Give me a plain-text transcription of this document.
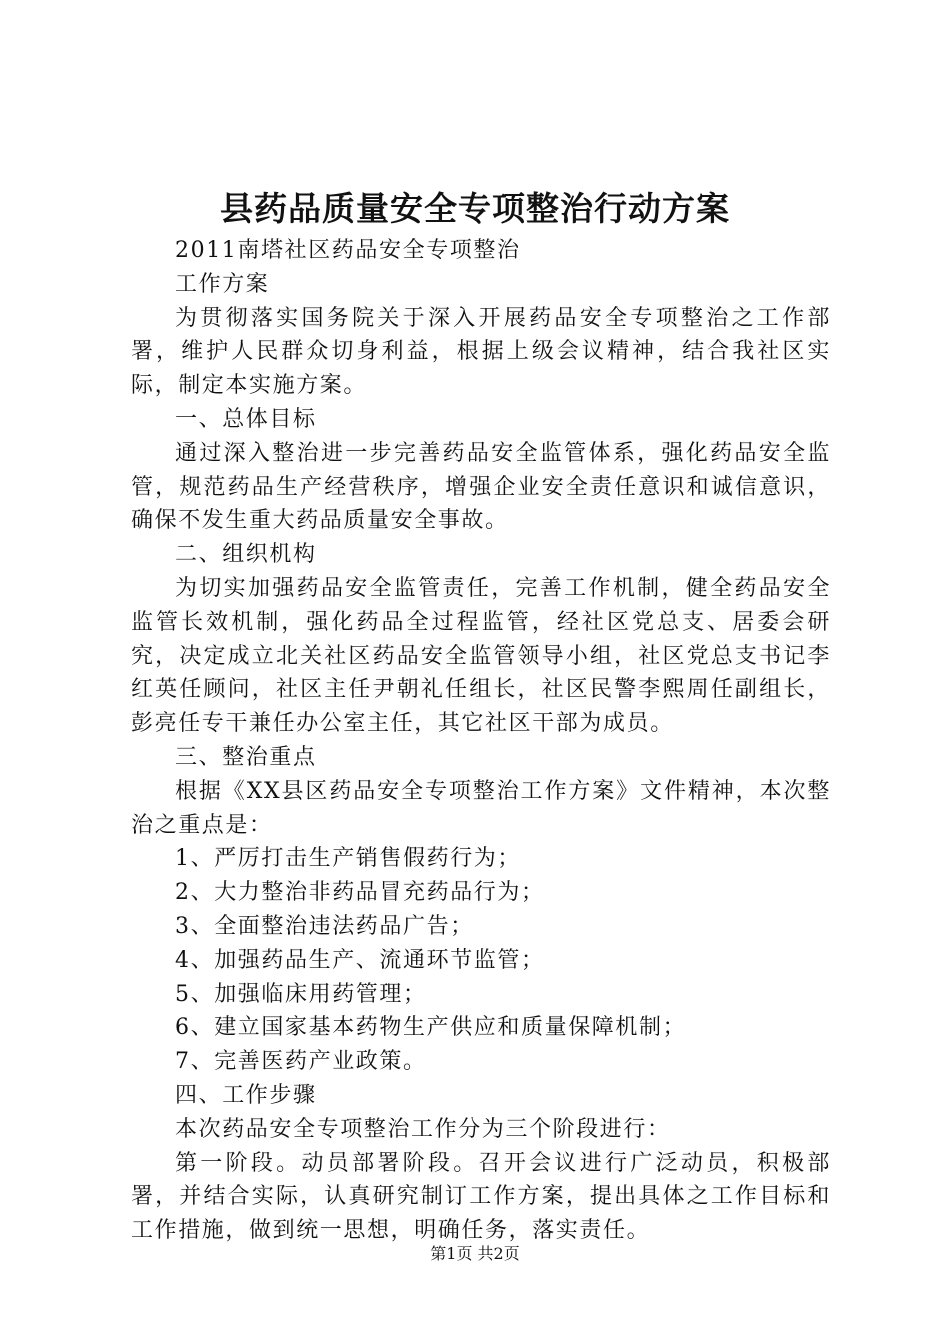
县药品质量安全专项整治行动方案

2011南塔社区药品安全专项整治

工作方案

为贯彻落实国务院关于深入开展药品安全专项整治之工作部署，维护人民群众切身利益，根据上级会议精神，结合我社区实际，制定本实施方案。

一、总体目标

通过深入整治进一步完善药品安全监管体系，强化药品安全监管，规范药品生产经营秩序，增强企业安全责任意识和诚信意识，确保不发生重大药品质量安全事故。

二、组织机构

为切实加强药品安全监管责任，完善工作机制，健全药品安全监管长效机制，强化药品全过程监管，经社区党总支、居委会研究，决定成立北关社区药品安全监管领导小组，社区党总支书记李红英任顾问，社区主任尹朝礼任组长，社区民警李熙周任副组长，彭亮任专干兼任办公室主任，其它社区干部为成员。

三、整治重点

根据《XX县区药品安全专项整治工作方案》文件精神，本次整治之重点是：

1、严厉打击生产销售假药行为；

2、大力整治非药品冒充药品行为；

3、全面整治违法药品广告；

4、加强药品生产、流通环节监管；

5、加强临床用药管理；

6、建立国家基本药物生产供应和质量保障机制；

7、完善医药产业政策。

四、工作步骤

本次药品安全专项整治工作分为三个阶段进行：

第一阶段。动员部署阶段。召开会议进行广泛动员，积极部署，并结合实际，认真研究制订工作方案，提出具体之工作目标和工作措施，做到统一思想，明确任务，落实责任。

第1页 共2页
